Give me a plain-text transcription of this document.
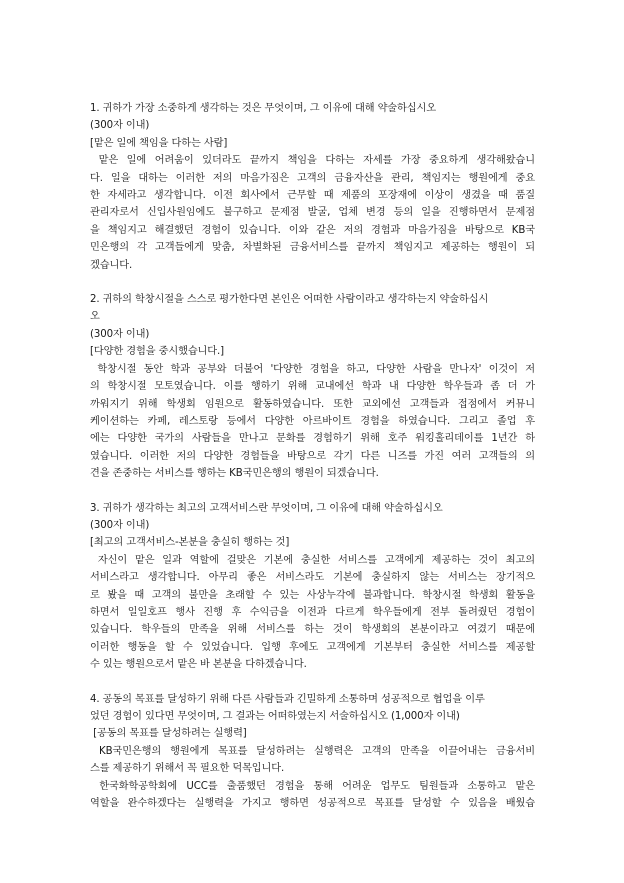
1. 귀하가 가장 소중하게 생각하는 것은 무엇이며, 그 이유에 대해 약술하십시오

(300자 이내)

[맡은 일에 책임을 다하는 사람]

맡은 일에 어려움이 있더라도 끝까지 책임을 다하는 자세를 가장 중요하게 생각해왔습니

다. 일을 대하는 이러한 저의 마음가짐은 고객의 금융자산을 관리, 책임지는 행원에게 중요

한 자세라고 생각합니다. 이전 회사에서 근무할 때 제품의 포장재에 이상이 생겼을 때 품질

관리자로서 신입사원임에도 불구하고 문제점 발굴, 업체 변경 등의 일을 진행하면서 문제점

을 책임지고 해결했던 경험이 있습니다. 이와 같은 저의 경험과 마음가짐을 바탕으로 KB국

민은행의 각 고객들에게 맞춤, 차별화된 금융서비스를 끝까지 책임지고 제공하는 행원이 되

겠습니다.

2. 귀하의 학창시절을 스스로 평가한다면 본인은 어떠한 사람이라고 생각하는지 약술하십시
오

(300자 이내)

[다양한 경험을 중시했습니다.]

학창시절 동안 학과 공부와 더불어 '다양한 경험을 하고, 다양한 사람을 만나자' 이것이 저

의 학창시절 모토였습니다. 이를 행하기 위해 교내에선 학과 내 다양한 학우들과 좀 더 가

까워지기 위해 학생회 임원으로 활동하였습니다. 또한 교외에선 고객들과 접점에서 커뮤니

케이션하는 카페, 레스토랑 등에서 다양한 아르바이트 경험을 하였습니다. 그리고 졸업 후

에는 다양한 국가의 사람들을 만나고 문화를 경험하기 위해 호주 워킹홀리데이를 1년간 하

였습니다. 이러한 저의 다양한 경험들을 바탕으로 각기 다른 니즈를 가진 여러 고객들의 의

견을 존중하는 서비스를 행하는 KB국민은행의 행원이 되겠습니다.

3. 귀하가 생각하는 최고의 고객서비스란 무엇이며, 그 이유에 대해 약술하십시오

(300자 이내)

[최고의 고객서비스-본분을 충실히 행하는 것]

자신이 맡은 일과 역할에 걸맞은 기본에 충실한 서비스를 고객에게 제공하는 것이 최고의

서비스라고 생각합니다. 아무리 좋은 서비스라도 기본에 충실하지 않는 서비스는 장기적으

로 봤을 때 고객의 불만을 초래할 수 있는 사상누각에 불과합니다. 학창시절 학생회 활동을

하면서 일일호프 행사 진행 후 수익금을 이전과 다르게 학우들에게 전부 돌려줬던 경험이

있습니다. 학우들의 만족을 위해 서비스를 하는 것이 학생회의 본분이라고 여겼기 때문에

이러한 행동을 할 수 있었습니다. 입행 후에도 고객에게 기본부터 충실한 서비스를 제공할

수 있는 행원으로서 맡은 바 본분을 다하겠습니다.

4. 공동의 목표를 달성하기 위해 다른 사람들과 긴밀하게 소통하며 성공적으로 협업을 이루
었던 경험이 있다면 무엇이며, 그 결과는 어떠하였는지 서술하십시오 (1,000자 이내)

[공동의 목표를 달성하려는 실행력]

KB국민은행의 행원에게 목표를 달성하려는 실행력은 고객의 만족을 이끌어내는 금융서비

스를 제공하기 위해서 꼭 필요한 덕목입니다.

한국화학공학회에 UCC를 출품했던 경험을 통해 어려운 업무도 팀원들과 소통하고 맡은

역할을 완수하겠다는 실행력을 가지고 행하면 성공적으로 목표를 달성할 수 있음을 배웠습
